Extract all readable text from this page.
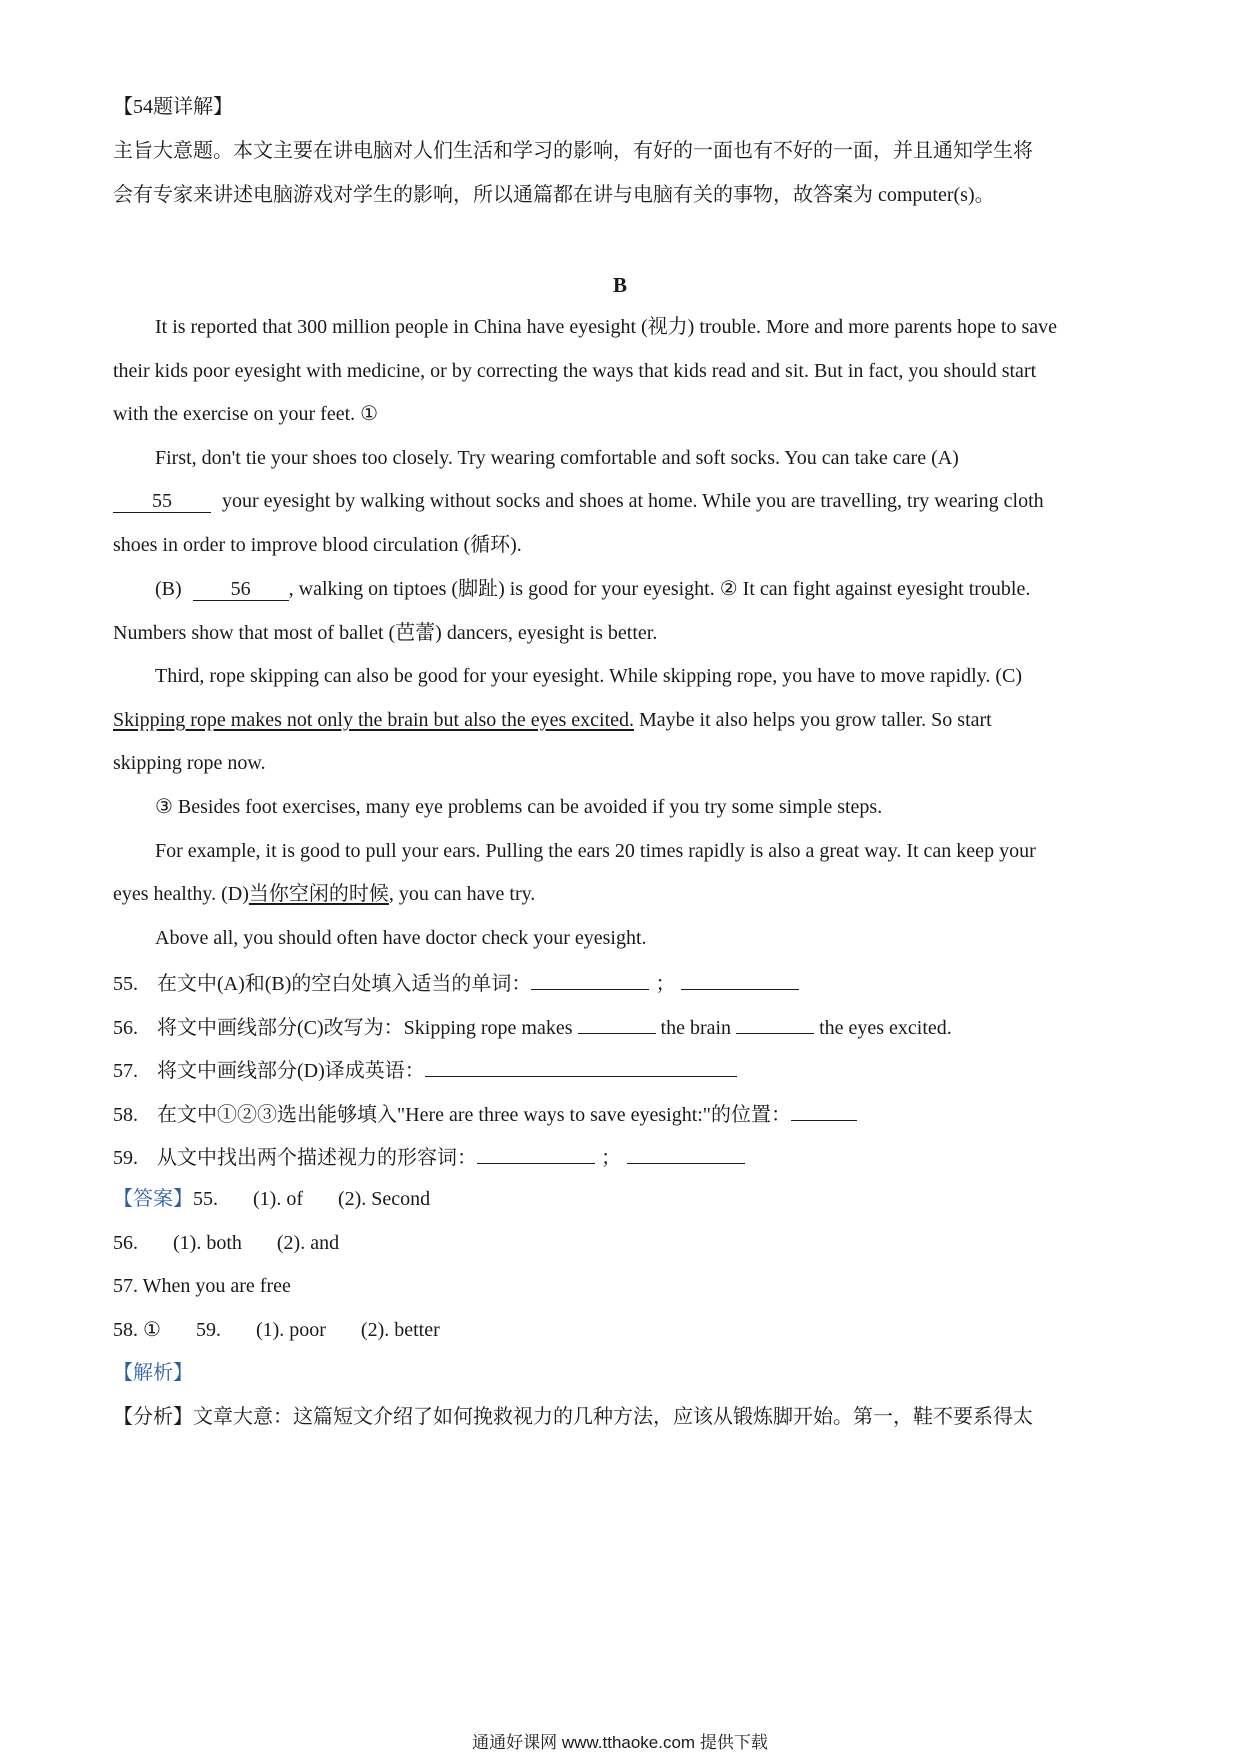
【54题详解】
主旨大意题。本文主要在讲电脑对人们生活和学习的影响，有好的一面也有不好的一面，并且通知学生将
会有专家来讲述电脑游戏对学生的影响，所以通篇都在讲与电脑有关的事物，故答案为 computer(s)。
B
It is reported that 300 million people in China have eyesight (视力) trouble. More and more parents hope to save
their kids poor eyesight with medicine, or by correcting the ways that kids read and sit. But in fact, you should start
with the exercise on your feet. ①
First, don't tie your shoes too closely. Try wearing comfortable and soft socks. You can take care (A)
55	your eyesight by walking without socks and shoes at home. While you are travelling, try wearing cloth
shoes in order to improve blood circulation (循环).
(B) 56 , walking on tiptoes (脚趾) is good for your eyesight. ② It can fight against eyesight trouble.
Numbers show that most of ballet (芭蕾) dancers, eyesight is better.
Third, rope skipping can also be good for your eyesight. While skipping rope, you have to move rapidly. (C)
Skipping rope makes not only the brain but also the eyes excited. Maybe it also helps you grow taller. So start
skipping rope now.
③ Besides foot exercises, many eye problems can be avoided if you try some simple steps.
For example, it is good to pull your ears. Pulling the ears 20 times rapidly is also a great way. It can keep your
eyes healthy. (D)当你空闲的时候, you can have try.
Above all, you should often have doctor check your eyesight.
55. 在文中(A)和(B)的空白处填入适当的单词：	；
56. 将文中画线部分(C)改写为：Skipping rope makes	the brain	the eyes excited.
57. 将文中画线部分(D)译成英语：
58. 在文中①②③选出能够填入"Here are three ways to save eyesight:"的位置：
59. 从文中找出两个描述视力的形容词：	；
【答案】55. (1). of (2). Second
56. (1). both (2). and
57. When you are free
58. ① 59. (1). poor (2). better
【解析】
【分析】文章大意：这篇短文介绍了如何挽救视力的几种方法，应该从锻炼脚开始。第一，鞋不要系得太
通通好课网 www.tthaoke.com 提供下载
